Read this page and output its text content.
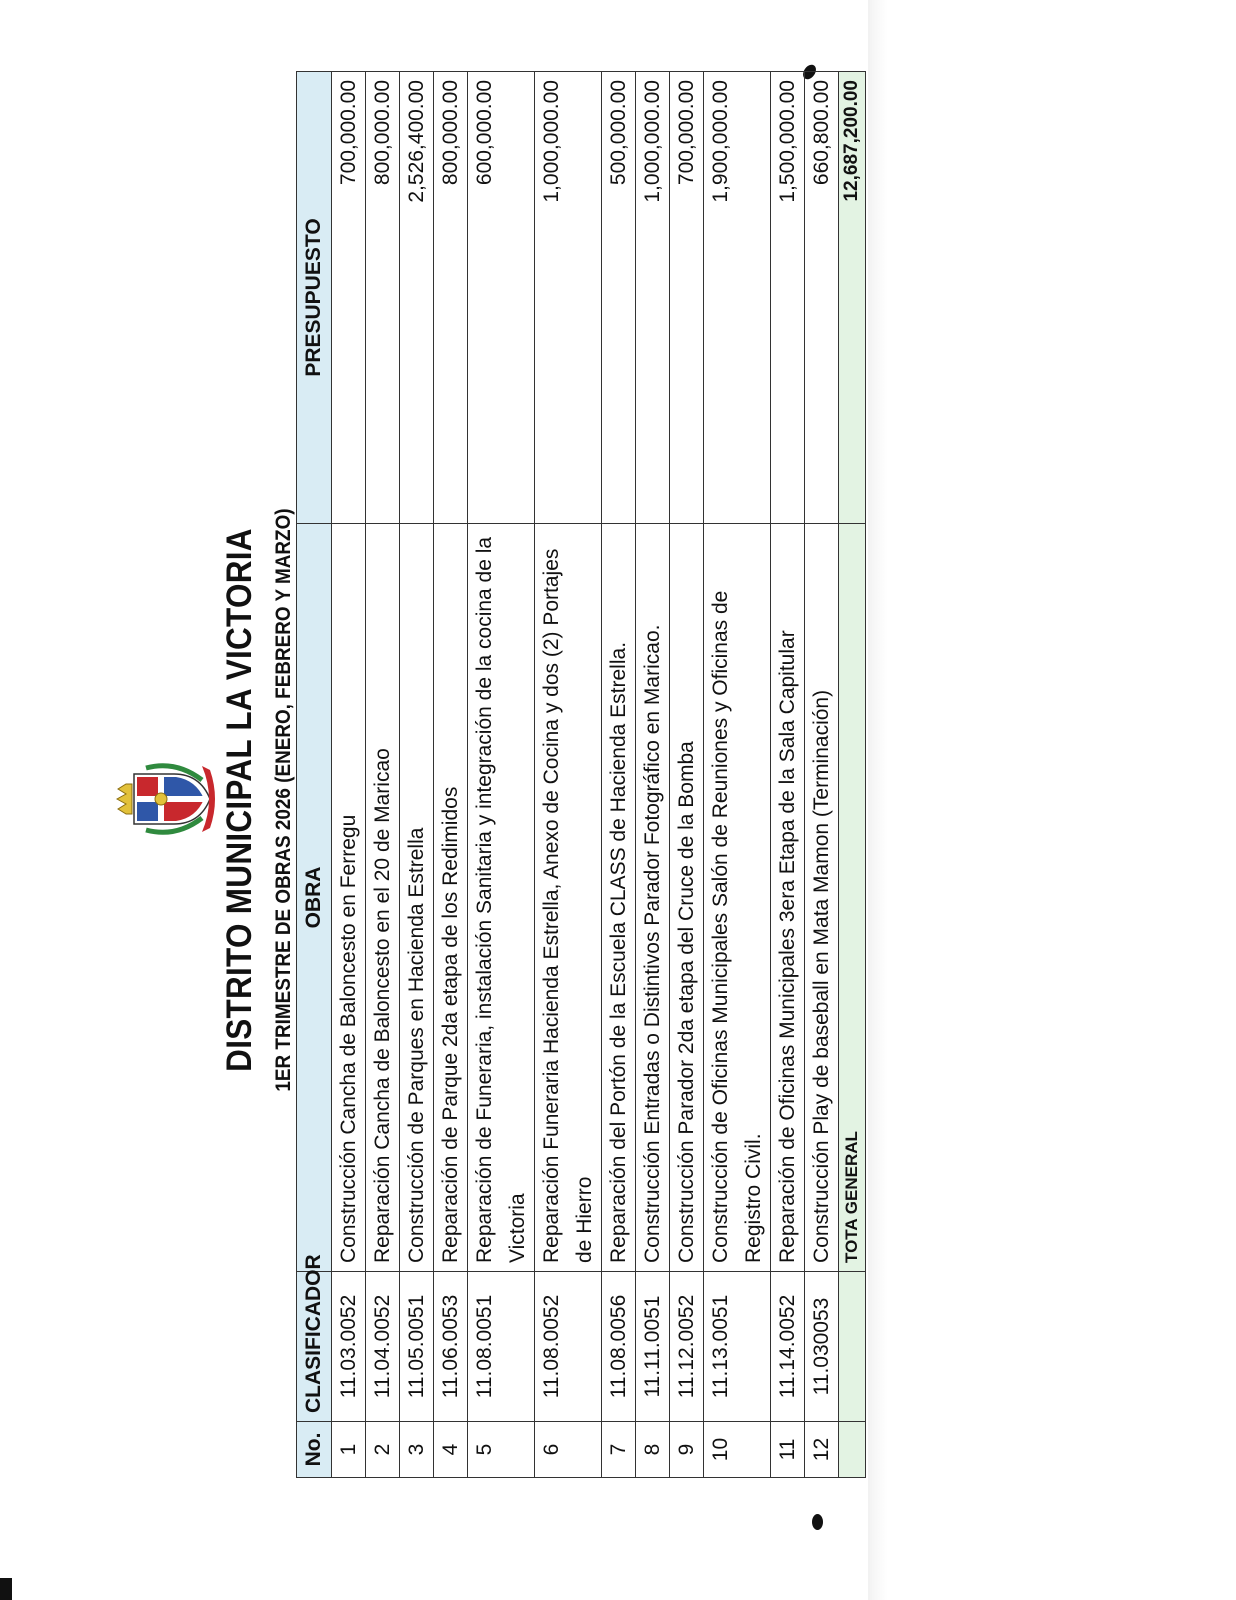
DISTRITO MUNICIPAL LA VICTORIA 1ER TRIMESTRE DE OBRAS 2026 (ENERO, FEBRERO Y MARZO)
No.	CLASIFICADOR	OBRA	PRESUPUESTO
1	11.03.0052	Construcción Cancha de Baloncesto en Ferregu	700,000.00
2	11.04.0052	Reparación Cancha de Baloncesto en el 20 de Maricao	800,000.00
3	11.05.0051	Construcción de Parques en Hacienda Estrella	2,526,400.00
4	11.06.0053	Reparación de Parque 2da etapa de los Redimidos	800,000.00
5	11.08.0051	Reparación de Funeraria, instalación Sanitaria y integración de la cocina de la Victoria	600,000.00
6	11.08.0052	Reparación Funeraria Hacienda Estrella, Anexo de Cocina y dos (2) Portajes de Hierro	1,000,000.00
7	11.08.0056	Reparación del Portón de la Escuela CLASS de Hacienda Estrella.	500,000.00
8	11.11.0051	Construcción Entradas o Distintivos Parador Fotográfico en Maricao.	1,000,000.00
9	11.12.0052	Construcción Parador 2da etapa del Cruce de la Bomba	700,000.00
10	11.13.0051	Construcción de Oficinas Municipales Salón de Reuniones y Oficinas de Registro Civil.	1,900,000.00
11	11.14.0052	Reparación de Oficinas Municipales 3era Etapa de la Sala Capitular	1,500,000.00
12	11.030053	Construcción Play de baseball en Mata Mamon (Terminación)	660,800.00
		TOTA GENERAL	12,687,200.00
